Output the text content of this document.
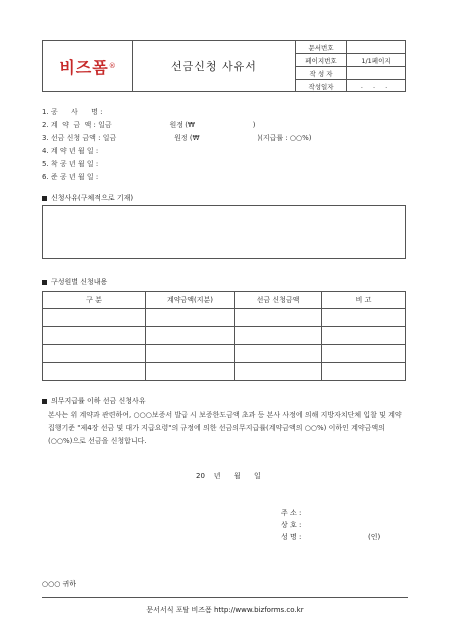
비즈폼 ®	선금신청 사유서
문서번호	
페이지번호	1/1페이지
작 성 자	
작성일자	. . .
1. 공      사      명 :
2. 계  약  금  액 : 일금                          원정 (₩                          )
3. 선금 신청 금액 : 일금                          원정 (₩                          )(지급률 : ○○%)
4. 계 약 년 월 일 :
5. 착 공 년 월 일 :
6. 준 공 년 월 일 :
신청사유(구체적으로 기재)
구성원별 신청내용
구 분	계약금액(지분)	선금 신청금액	비 고

의무지급률 이하 선금 신청사유
본사는 위 계약과 관련하여, ○○○보증서 발급 시 보증한도금액 초과 등 본사 사정에 의해 지방자치단체 입찰 및 계약 집행기준 "제4장 선금 및 대가 지급요령"의 규정에 의한 선금의무지급률(계약금액의 ○○%) 이하인 계약금액의 (○○%)으로 선금을 신청합니다.
20    년      월      일
주 소 :
상 호 :
성 명 :	(인)
○○○ 귀하
문서서식 포탈 비즈폼 http://www.bizforms.co.kr
